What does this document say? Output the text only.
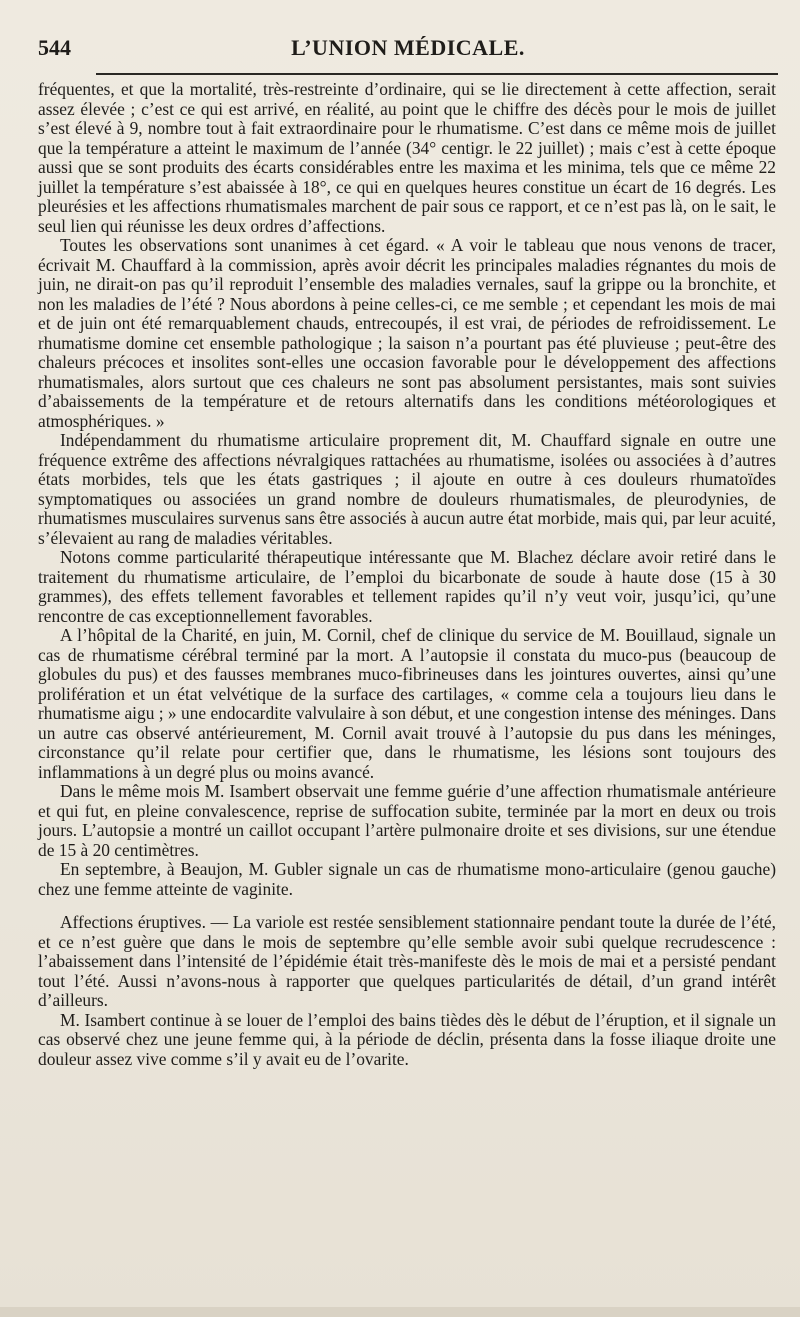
544	L’UNION MÉDICALE.

fréquentes, et que la mortalité, très-restreinte d’ordinaire, qui se lie directement à cette affection, serait assez élevée ; c’est ce qui est arrivé, en réalité, au point que le chiffre des décès pour le mois de juillet s’est élevé à 9, nombre tout à fait extraordinaire pour le rhumatisme. C’est dans ce même mois de juillet que la température a atteint le maximum de l’année (34° centigr. le 22 juillet) ; mais c’est à cette époque aussi que se sont produits des écarts considérables entre les maxima et les minima, tels que ce même 22 juillet la température s’est abaissée à 18°, ce qui en quelques heures constitue un écart de 16 degrés. Les pleurésies et les affections rhumatismales marchent de pair sous ce rapport, et ce n’est pas là, on le sait, le seul lien qui réunisse les deux ordres d’affections.

Toutes les observations sont unanimes à cet égard. « A voir le tableau que nous venons de tracer, écrivait M. Chauffard à la commission, après avoir décrit les principales maladies régnantes du mois de juin, ne dirait-on pas qu’il reproduit l’ensemble des maladies vernales, sauf la grippe ou la bronchite, et non les maladies de l’été ? Nous abordons à peine celles-ci, ce me semble ; et cependant les mois de mai et de juin ont été remarquablement chauds, entrecoupés, il est vrai, de périodes de refroidissement. Le rhumatisme domine cet ensemble pathologique ; la saison n’a pourtant pas été pluvieuse ; peut-être des chaleurs précoces et insolites sont-elles une occasion favorable pour le développement des affections rhumatismales, alors surtout que ces chaleurs ne sont pas absolument persistantes, mais sont suivies d’abaissements de la température et de retours alternatifs dans les conditions météorologiques et atmosphériques. »

Indépendamment du rhumatisme articulaire proprement dit, M. Chauffard signale en outre une fréquence extrême des affections névralgiques rattachées au rhumatisme, isolées ou associées à d’autres états morbides, tels que les états gastriques ; il ajoute en outre à ces douleurs rhumatoïdes symptomatiques ou associées un grand nombre de douleurs rhumatismales, de pleurodynies, de rhumatismes musculaires survenus sans être associés à aucun autre état morbide, mais qui, par leur acuité, s’élevaient au rang de maladies véritables.

Notons comme particularité thérapeutique intéressante que M. Blachez déclare avoir retiré dans le traitement du rhumatisme articulaire, de l’emploi du bicarbonate de soude à haute dose (15 à 30 grammes), des effets tellement favorables et tellement rapides qu’il n’y veut voir, jusqu’ici, qu’une rencontre de cas exceptionnellement favorables.

A l’hôpital de la Charité, en juin, M. Cornil, chef de clinique du service de M. Bouillaud, signale un cas de rhumatisme cérébral terminé par la mort. A l’autopsie il constata du muco-pus (beaucoup de globules du pus) et des fausses membranes muco-fibrineuses dans les jointures ouvertes, ainsi qu’une prolifération et un état velvétique de la surface des cartilages, « comme cela a toujours lieu dans le rhumatisme aigu ; » une endocardite valvulaire à son début, et une congestion intense des méninges. Dans un autre cas observé antérieurement, M. Cornil avait trouvé à l’autopsie du pus dans les méninges, circonstance qu’il relate pour certifier que, dans le rhumatisme, les lésions sont toujours des inflammations à un degré plus ou moins avancé.

Dans le même mois M. Isambert observait une femme guérie d’une affection rhumatismale antérieure et qui fut, en pleine convalescence, reprise de suffocation subite, terminée par la mort en deux ou trois jours. L’autopsie a montré un caillot occupant l’artère pulmonaire droite et ses divisions, sur une étendue de 15 à 20 centimètres.

En septembre, à Beaujon, M. Gubler signale un cas de rhumatisme mono-articulaire (genou gauche) chez une femme atteinte de vaginite.

Affections éruptives. — La variole est restée sensiblement stationnaire pendant toute la durée de l’été, et ce n’est guère que dans le mois de septembre qu’elle semble avoir subi quelque recrudescence : l’abaissement dans l’intensité de l’épidémie était très-manifeste dès le mois de mai et a persisté pendant tout l’été. Aussi n’avons-nous à rapporter que quelques particularités de détail, d’un grand intérêt d’ailleurs.

M. Isambert continue à se louer de l’emploi des bains tièdes dès le début de l’éruption, et il signale un cas observé chez une jeune femme qui, à la période de déclin, présenta dans la fosse iliaque droite une douleur assez vive comme s’il y avait eu de l’ovarite.
